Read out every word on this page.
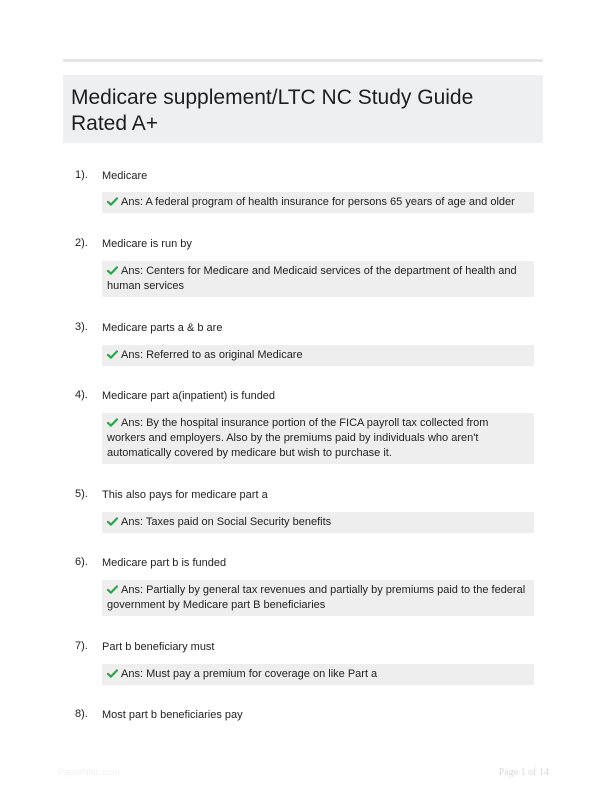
Medicare supplement/LTC NC Study Guide Rated A+
1). Medicare
Ans: A federal program of health insurance for persons 65 years of age and older
2). Medicare is run by
Ans: Centers for Medicare and Medicaid services of the department of health and human services
3). Medicare parts a & b are
Ans: Referred to as original Medicare
4). Medicare part a(inpatient) is funded
Ans: By the hospital insurance portion of the FICA payroll tax collected from workers and employers. Also by the premiums paid by individuals who aren't automatically covered by medicare but wish to purchase it.
5). This also pays for medicare part a
Ans: Taxes paid on Social Security benefits
6). Medicare part b is funded
Ans: Partially by general tax revenues and partially by premiums paid to the federal government by Medicare part B beneficiaries
7). Part b beneficiary must
Ans: Must pay a premium for coverage on like Part a
8). Most part b beneficiaries pay
PaperNftic.com	Page 1 of 14
